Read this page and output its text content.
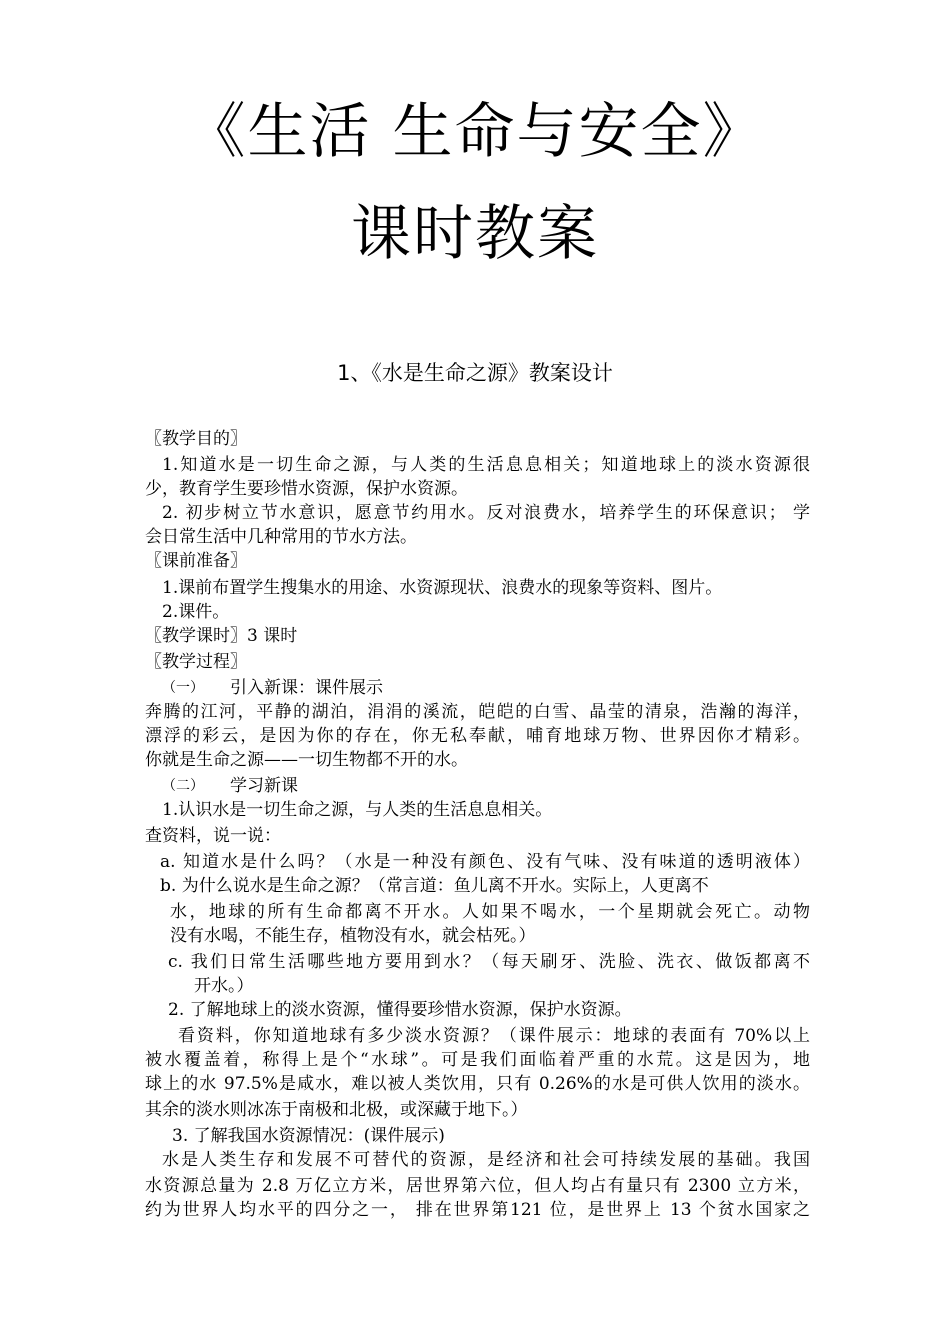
《生活 生命与安全》
课时教案
1、《水是生命之源》教案设计
〖教学目的〗
1.知道水是一切生命之源，与人类的生活息息相关；知道地球上的淡水资源很
少，教育学生要珍惜水资源，保护水资源。
2. 初步树立节水意识，愿意节约用水。反对浪费水，培养学生的环保意识； 学
会日常生活中几种常用的节水方法。
〖课前准备〗
1.课前布置学生搜集水的用途、水资源现状、浪费水的现象等资料、图片。
2.课件。
〖教学课时〗3 课时
〖教学过程〗
（一）	引入新课：课件展示
奔腾的江河，平静的湖泊，涓涓的溪流，皑皑的白雪、晶莹的清泉，浩瀚的海洋，
漂浮的彩云，是因为你的存在，你无私奉献，哺育地球万物、世界因你才精彩。
你就是生命之源——一切生物都不开的水。
（二）	学习新课
1.认识水是一切生命之源，与人类的生活息息相关。
查资料，说一说：
a. 知道水是什么吗？（水是一种没有颜色、没有气味、没有味道的透明液体）
b. 为什么说水是生命之源？（常言道：鱼儿离不开水。实际上，人更离不
水，地球的所有生命都离不开水。人如果不喝水，一个星期就会死亡。动物
没有水喝，不能生存，植物没有水，就会枯死。）
c. 我们日常生活哪些地方要用到水？（每天刷牙、洗脸、洗衣、做饭都离不
开水。）
2. 了解地球上的淡水资源，懂得要珍惜水资源，保护水资源。
看资料，你知道地球有多少淡水资源？（课件展示：地球的表面有 70%以上
被水覆盖着，称得上是个“水球”。可是我们面临着严重的水荒。这是因为，地
球上的水 97.5%是咸水，难以被人类饮用，只有 0.26%的水是可供人饮用的淡水。
其余的淡水则冰冻于南极和北极，或深藏于地下。）
3. 了解我国水资源情况：(课件展示)
水是人类生存和发展不可替代的资源，是经济和社会可持续发展的基础。我国
水资源总量为 2.8 万亿立方米，居世界第六位，但人均占有量只有 2300 立方米，
约为世界人均水平的四分之一， 排在世界第121 位，是世界上 13 个贫水国家之
